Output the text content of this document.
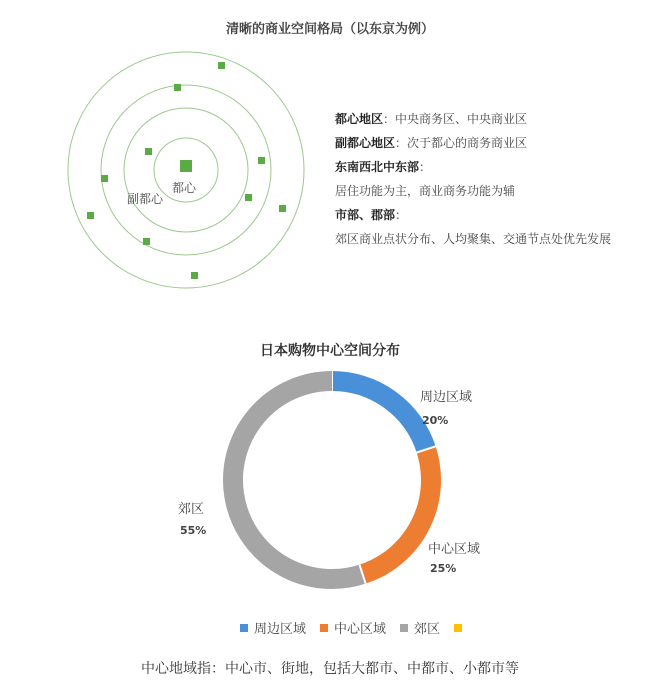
清晰的商业空间格局（以东京为例）
都心
副都心
都心地区：中央商务区、中央商业区
副都心地区：次于都心的商务商业区
东南西北中东部：
居住功能为主，商业商务功能为辅
市部、郡部：
郊区商业点状分布、人均聚集、交通节点处优先发展
日本购物中心空间分布
周边区域
20%
中心区域
25%
郊区
55%
周边区域 中心区域 郊区
中心地域指：中心市、街地，包括大都市、中都市、小都市等
